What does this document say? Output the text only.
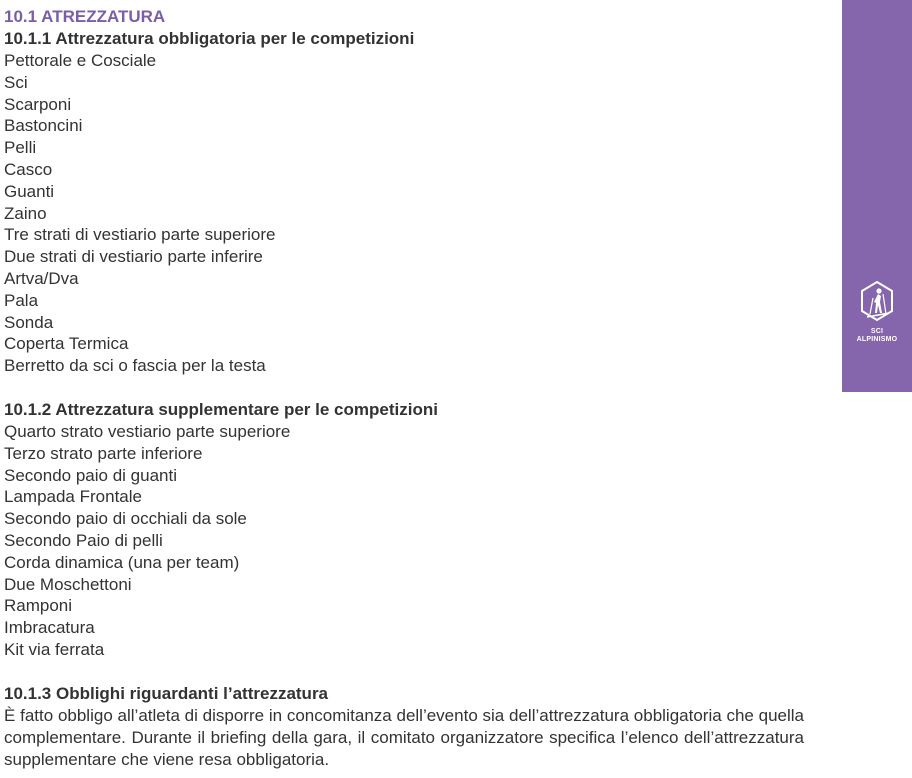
10.1 ATREZZATURA
10.1.1 Attrezzatura obbligatoria per le competizioni
Pettorale e Cosciale
Sci
Scarponi
Bastoncini
Pelli
Casco
Guanti
Zaino
Tre strati di vestiario parte superiore
Due strati di vestiario parte inferire
Artva/Dva
Pala
Sonda
Coperta Termica
Berretto da sci o fascia per la testa
10.1.2 Attrezzatura supplementare per le competizioni
Quarto strato vestiario parte superiore
Terzo strato parte inferiore
Secondo paio di guanti
Lampada Frontale
Secondo paio di occhiali da sole
Secondo Paio di pelli
Corda dinamica (una per team)
Due Moschettoni
Ramponi
Imbracatura
Kit via ferrata
10.1.3 Obblighi riguardanti l’attrezzatura

È fatto obbligo all’atleta di disporre in concomitanza dell’evento sia dell’attrezzatura obbligatoria che quella complementare. Durante il briefing della gara, il comitato organizzatore specifica l’elenco dell’attrezzatura supplementare che viene resa obbligatoria.

SCI
ALPINISMO
